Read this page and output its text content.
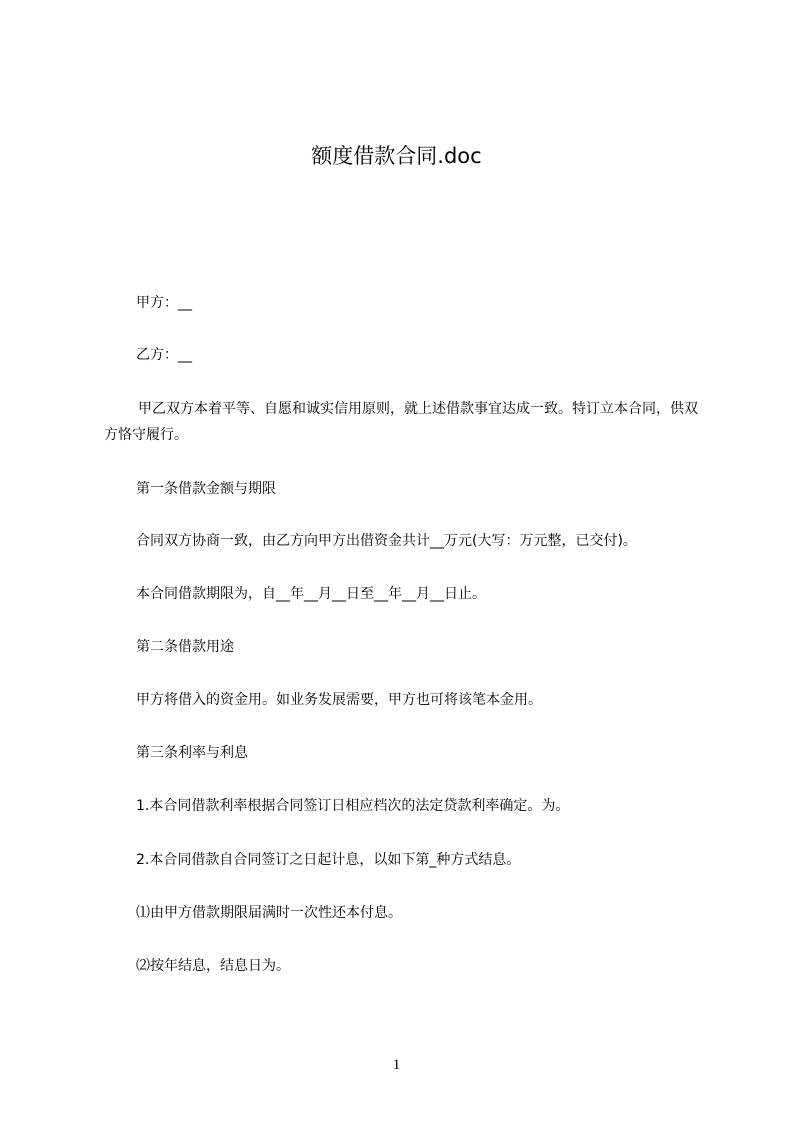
额度借款合同.doc
甲方：__
乙方：__
甲乙双方本着平等、自愿和诚实信用原则，就上述借款事宜达成一致。特订立本合同，供双方恪守履行。
第一条借款金额与期限
合同双方协商一致，由乙方向甲方出借资金共计__万元(大写：万元整，已交付)。
本合同借款期限为，自__年__月__日至__年__月__日止。
第二条借款用途
甲方将借入的资金用。如业务发展需要，甲方也可将该笔本金用。
第三条利率与利息
1.本合同借款利率根据合同签订日相应档次的法定贷款利率确定。为。
2.本合同借款自合同签订之日起计息，以如下第_种方式结息。
⑴由甲方借款期限届满时一次性还本付息。
⑵按年结息，结息日为。
1
